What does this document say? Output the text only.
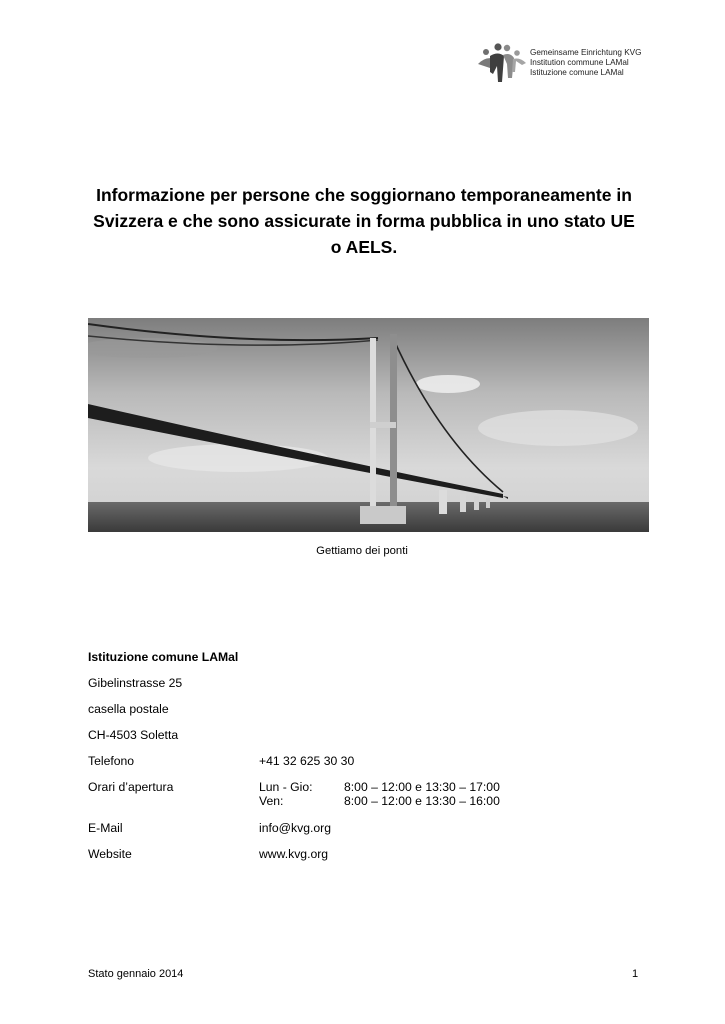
Gemeinsame Einrichtung KVG
Institution commune LAMal
Istituzione comune LAMal
Informazione per persone che soggiornano temporaneamente in Svizzera e che sono assicurate in forma pubblica in uno stato UE o AELS.
Gettiamo dei ponti
Istituzione comune LAMal
Gibelinstrasse 25
casella postale
CH-4503 Soletta
Telefono	+41 32 625 30 30
Orari d’apertura	Lun - Gio:	8:00 – 12:00 e 13:30 – 17:00
Ven:	8:00 – 12:00 e 13:30 – 16:00
E-Mail	info@kvg.org
Website	www.kvg.org
Stato gennaio 2014	1
